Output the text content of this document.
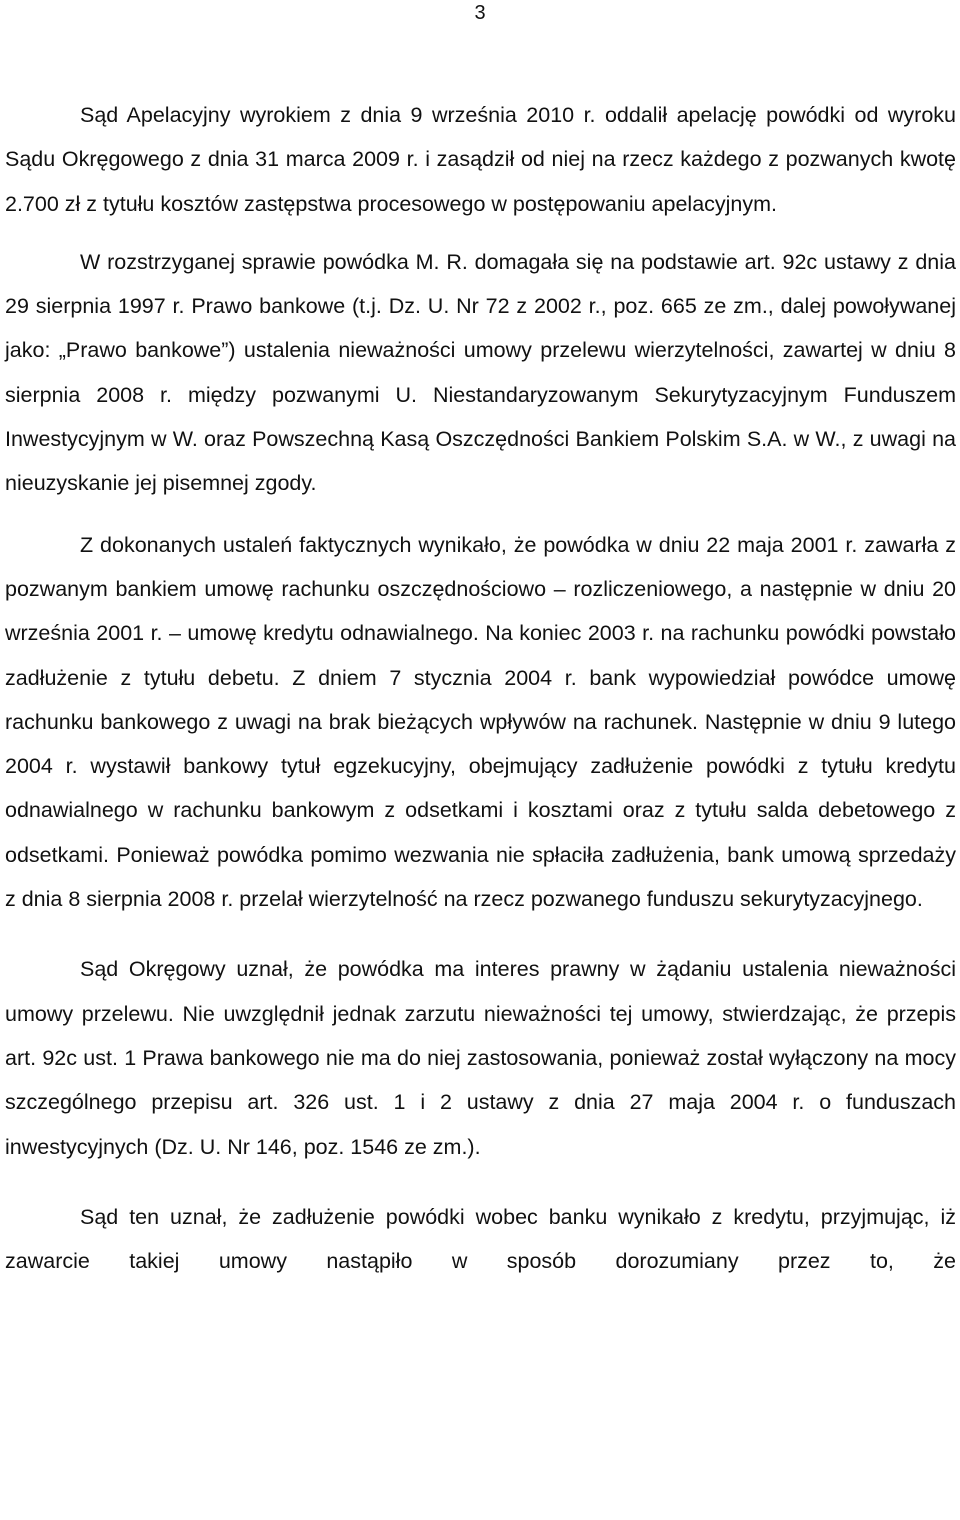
3

Sąd Apelacyjny wyrokiem z dnia 9 września 2010 r. oddalił apelację powódki od wyroku Sądu Okręgowego z dnia 31 marca 2009 r. i zasądził od niej na rzecz każdego z pozwanych kwotę 2.700 zł z tytułu kosztów zastępstwa procesowego w postępowaniu apelacyjnym.

W rozstrzyganej sprawie powódka M. R. domagała się na podstawie art. 92c ustawy z dnia 29 sierpnia 1997 r. Prawo bankowe (t.j. Dz. U. Nr 72 z 2002 r., poz. 665 ze zm., dalej powoływanej jako: „Prawo bankowe”) ustalenia nieważności umowy przelewu wierzytelności, zawartej w dniu 8 sierpnia 2008 r. między pozwanymi U. Niestandaryzowanym Sekurytyzacyjnym Funduszem Inwestycyjnym w W. oraz Powszechną Kasą Oszczędności Bankiem Polskim S.A. w W., z uwagi na nieuzyskanie jej pisemnej zgody.

Z dokonanych ustaleń faktycznych wynikało, że powódka w dniu 22 maja 2001 r. zawarła z pozwanym bankiem umowę rachunku oszczędnościowo – rozliczeniowego, a następnie w dniu 20 września 2001 r. – umowę kredytu odnawialnego. Na koniec 2003 r. na rachunku powódki powstało zadłużenie z tytułu debetu. Z dniem 7 stycznia 2004 r. bank wypowiedział powódce umowę rachunku bankowego z uwagi na brak bieżących wpływów na rachunek. Następnie w dniu 9 lutego 2004 r. wystawił bankowy tytuł egzekucyjny, obejmujący zadłużenie powódki z tytułu kredytu odnawialnego w rachunku bankowym z odsetkami i kosztami oraz z tytułu salda debetowego z odsetkami. Ponieważ powódka pomimo wezwania nie spłaciła zadłużenia, bank umową sprzedaży z dnia 8 sierpnia 2008 r. przelał wierzytelność na rzecz pozwanego funduszu sekurytyzacyjnego.

Sąd Okręgowy uznał, że powódka ma interes prawny w żądaniu ustalenia nieważności umowy przelewu. Nie uwzględnił jednak zarzutu nieważności tej umowy, stwierdzając, że przepis art. 92c ust. 1 Prawa bankowego nie ma do niej zastosowania, ponieważ został wyłączony na mocy szczególnego przepisu art. 326 ust. 1 i 2 ustawy z dnia 27 maja 2004 r. o funduszach inwestycyjnych (Dz. U. Nr 146, poz. 1546 ze zm.).

Sąd ten uznał, że zadłużenie powódki wobec banku wynikało z kredytu, przyjmując, iż zawarcie takiej umowy nastąpiło w sposób dorozumiany przez to, że
